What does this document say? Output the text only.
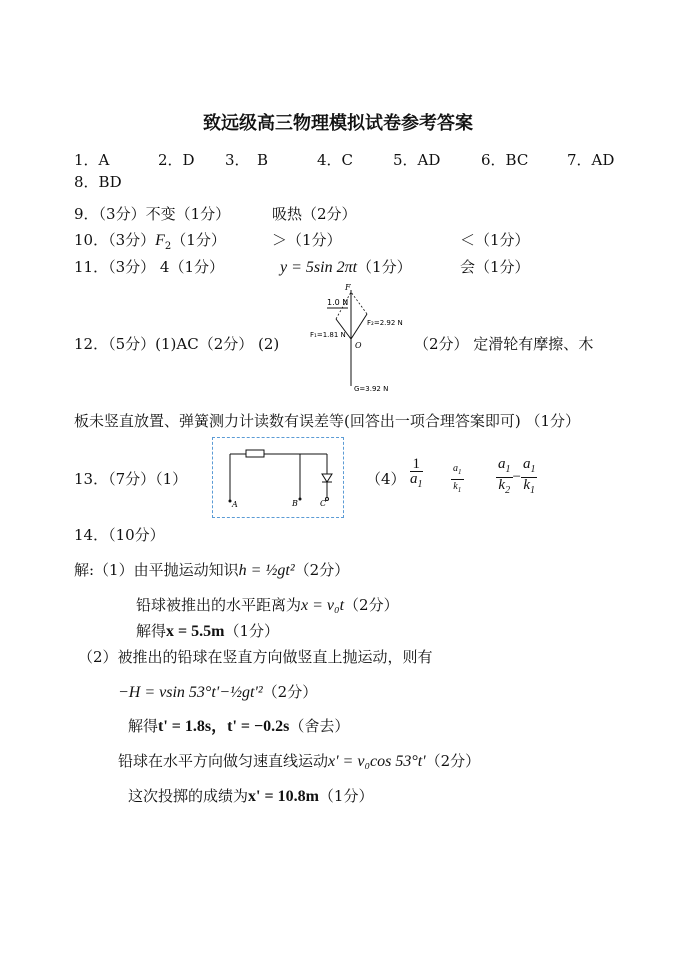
致远级高三物理模拟试卷参考答案
1．A	2．D 3．　B	4．C	5．AD	6．BC	7．AD
8．BD
9．（3分）不变（1分）	吸热（2分）
10．（3分）$F_2(1$分）	＞（1分）	＜（1分）
11．（3分） 4（1分）	y = 5sin 2πt（1分）	会（1分）
12．（5分）(1)AC（2分） (2)
1.0 N
F
F₁=1.81 N
F₂=2.92 N
O
G=3.92 N
（2分） 定滑轮有摩擦、木
板未竖直放置、弹簧测力计读数有误差等(回答出一项合理答案即可) （1分）
13．（7分）（1）
A	B	C
$(4) \frac{1}{a_1}$	$\frac{a_1}{k_1} \frac{a_1}{k_2} - \frac{a_1}{k_1}$
14．（10分）
解:（1）由平抛运动知识h = ½gt²（2分）
铅球被推出的水平距离为x = v₀t（2分）
解得x = 5.5m（1分）
（2）被推出的铅球在竖直方向做竖直上抛运动，则有
−H = vsin 53°t'−½gt'²（2分）
解得t' = 1.8s，t' = −0.2s（舍去）
铅球在水平方向做匀速直线运动x' = v₀cos 53°t'（2分）
这次投掷的成绩为x' = 10.8m（1分）
